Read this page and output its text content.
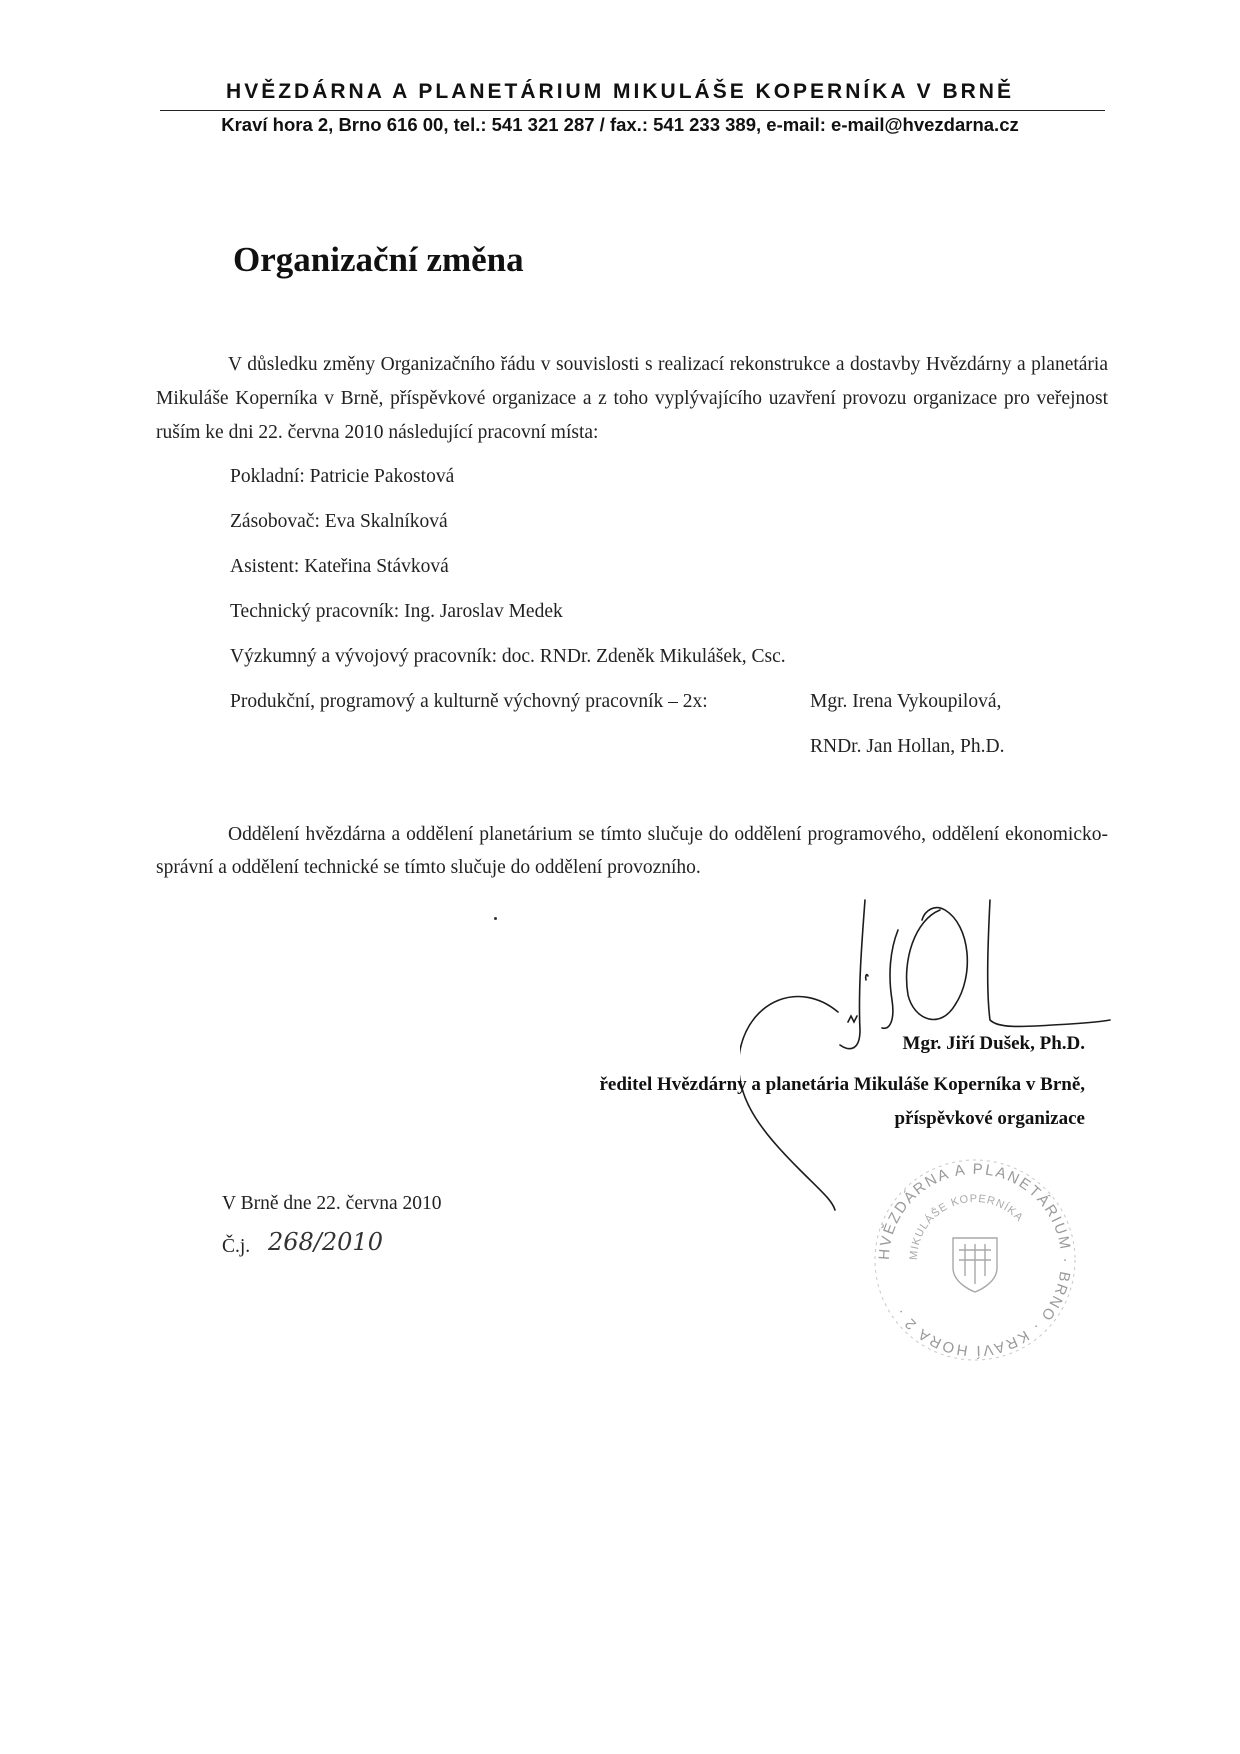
HVĚZDÁRNA A PLANETÁRIUM MIKULÁŠE KOPERNÍKA V BRNĚ
Kraví hora 2, Brno 616 00, tel.: 541 321 287 / fax.: 541 233 389, e-mail: e-mail@hvezdarna.cz
Organizační změna
V důsledku změny Organizačního řádu v souvislosti s realizací rekonstrukce a dostavby Hvězdárny a planetária Mikuláše Koperníka v Brně, příspěvkové organizace a z toho vyplývajícího uzavření provozu organizace pro veřejnost ruším ke dni 22. června 2010 následující pracovní místa:
Pokladní: Patricie Pakostová
Zásobovač: Eva Skalníková
Asistent: Kateřina Stávková
Technický pracovník: Ing. Jaroslav Medek
Výzkumný a vývojový pracovník: doc. RNDr. Zdeněk Mikulášek, Csc.
Produkční, programový a kulturně výchovný pracovník – 2x:	Mgr. Irena Vykoupilová,
RNDr. Jan Hollan, Ph.D.
Oddělení hvězdárna a oddělení planetárium se tímto slučuje do oddělení programového, oddělení ekonomicko-správní a oddělení technické se tímto slučuje do oddělení provozního.
Mgr. Jiří Dušek, Ph.D.
ředitel Hvězdárny a planetária Mikuláše Koperníka v Brně,
příspěvkové organizace
V Brně dne 22. června 2010
Č.j. 268/2010	HVĚZDÁRNA A PLANETÁRIUM · BRNO · KRAVÍ HORA 2 ·
MIKULÁŠE KOPERNÍKA
